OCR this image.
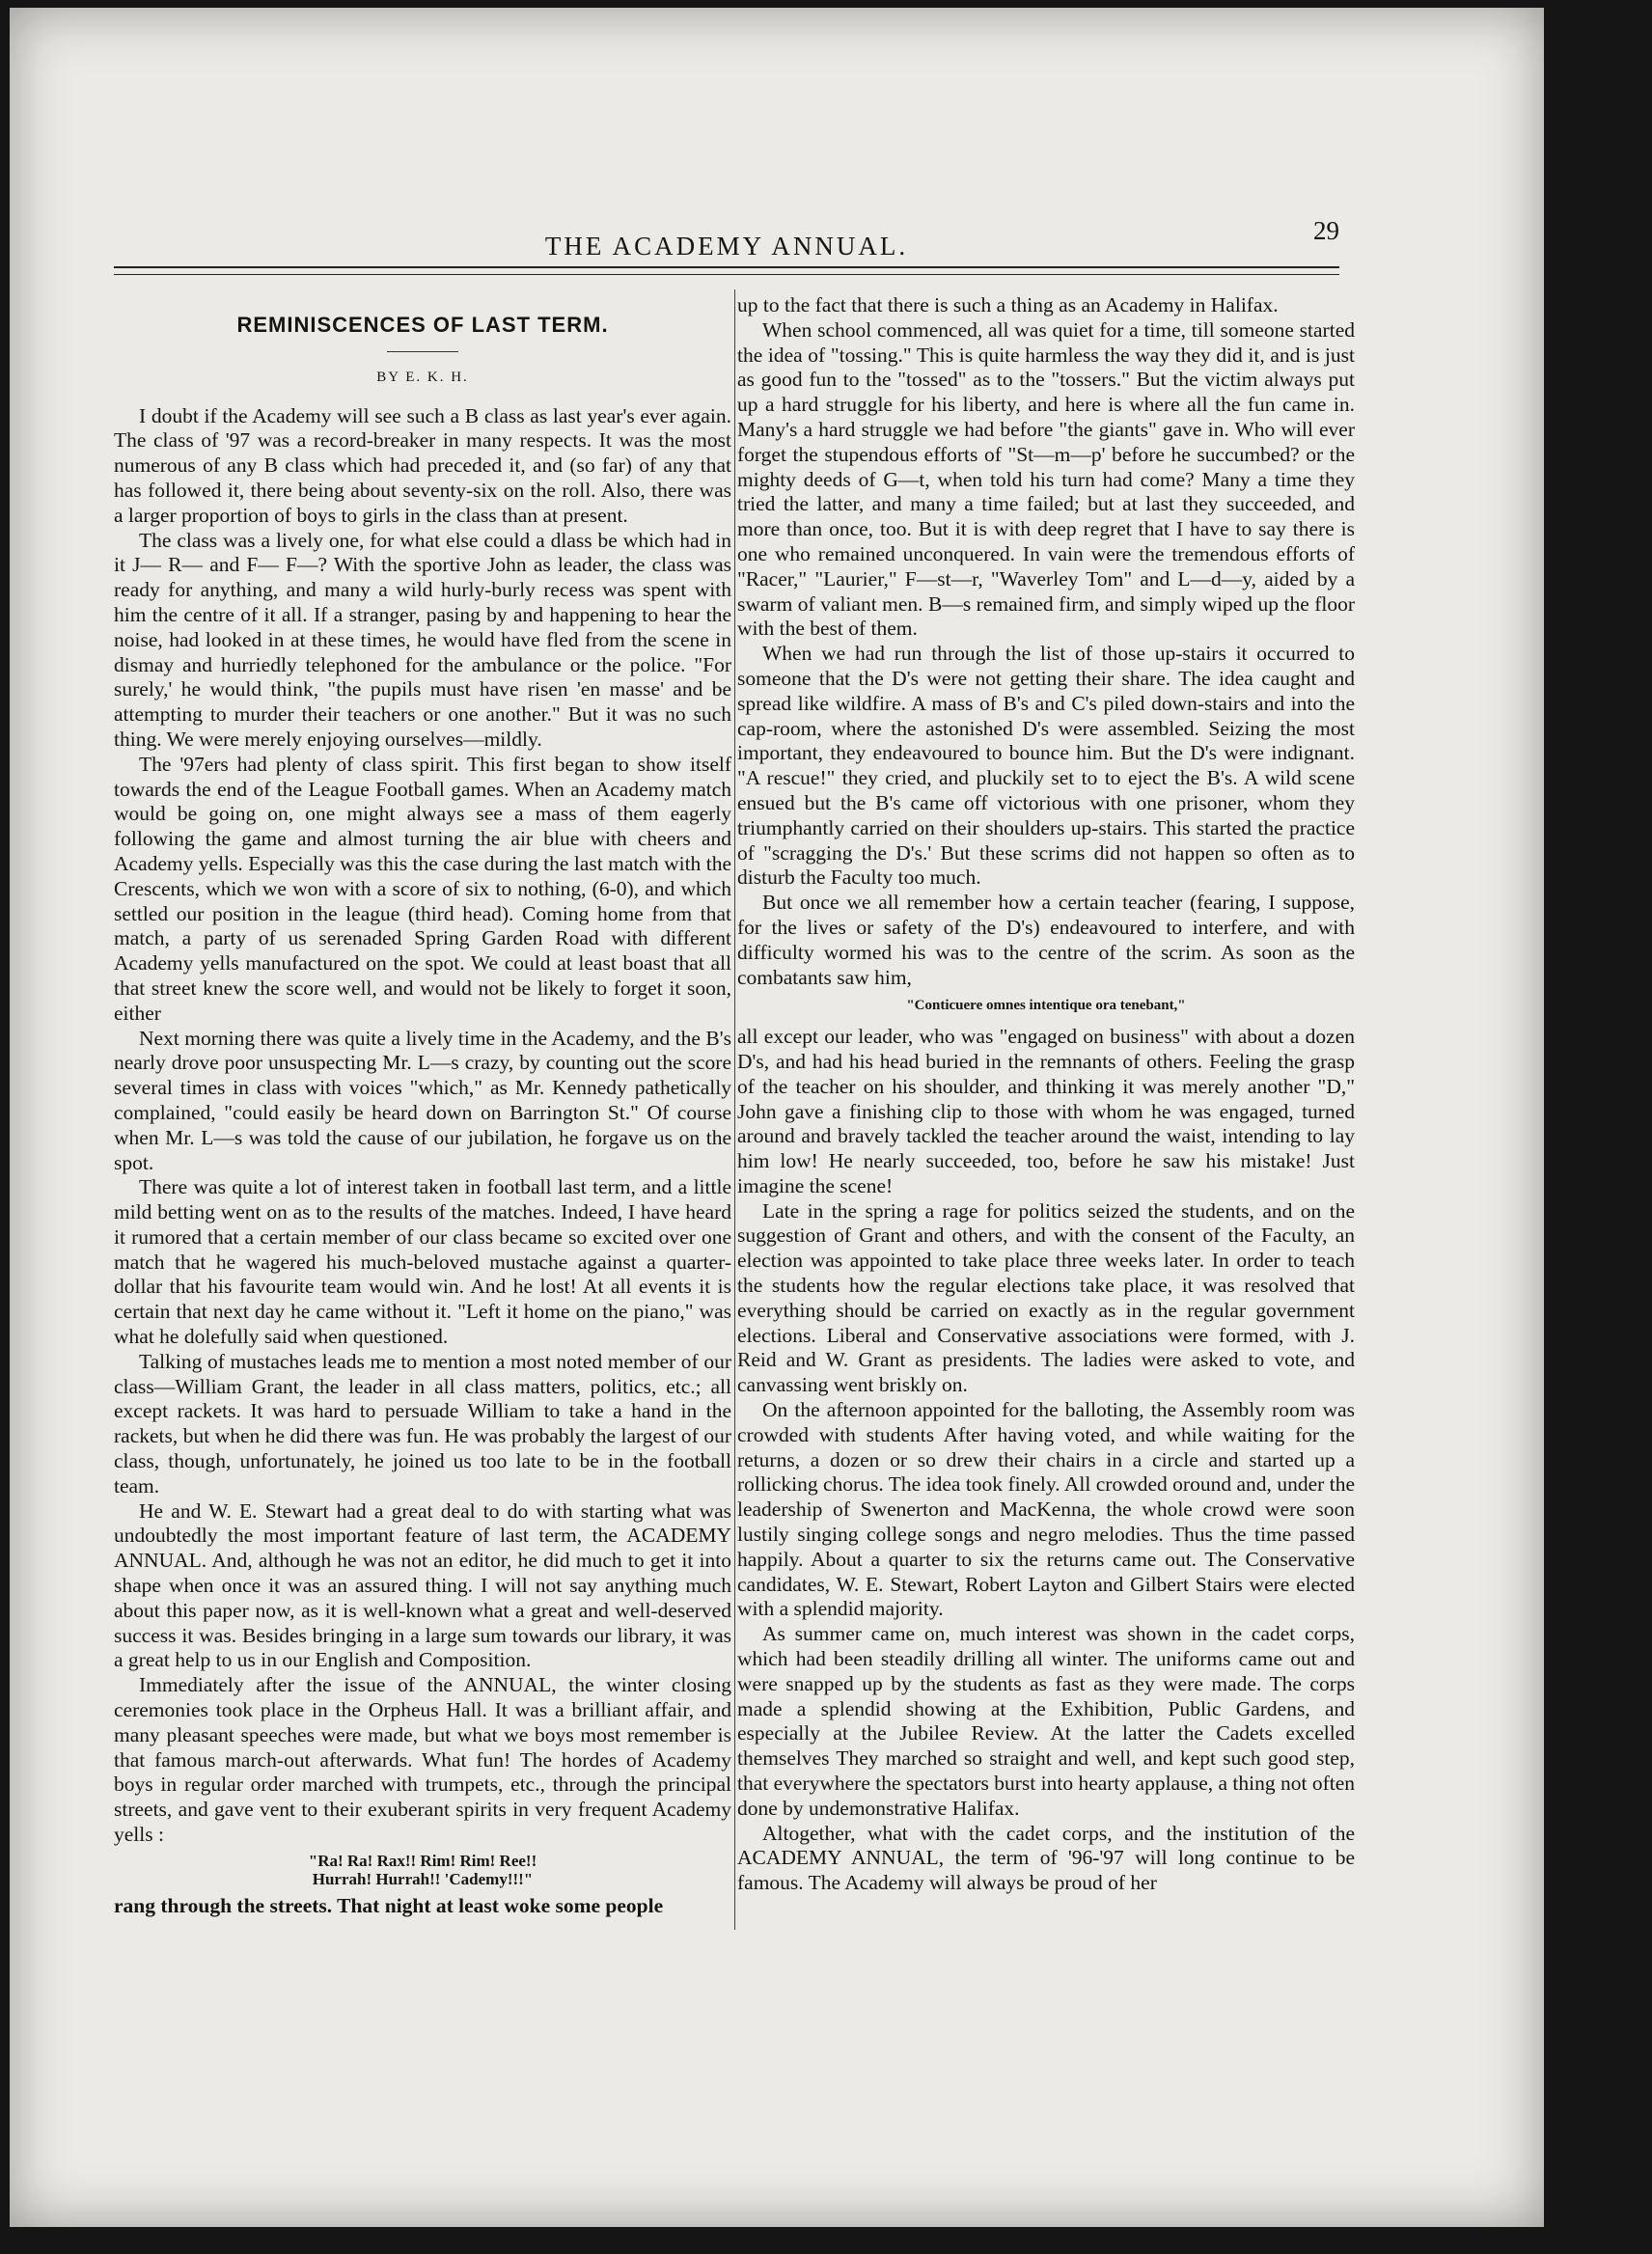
THE ACADEMY ANNUAL.
29
REMINISCENCES OF LAST TERM.
BY E. K. H.

I doubt if the Academy will see such a B class as last year's ever again. The class of '97 was a record-breaker in many respects. It was the most numerous of any B class which had preceded it, and (so far) of any that has followed it, there being about seventy-six on the roll. Also, there was a larger proportion of boys to girls in the class than at present.

The class was a lively one, for what else could a dlass be which had in it J— R— and F— F—? With the sportive John as leader, the class was ready for anything, and many a wild hurly-burly recess was spent with him the centre of it all. If a stranger, pasing by and happening to hear the noise, had looked in at these times, he would have fled from the scene in dismay and hurriedly telephoned for the ambulance or the police. "For surely,' he would think, "the pupils must have risen 'en masse' and be attempting to murder their teachers or one another." But it was no such thing. We were merely enjoying ourselves—mildly.

The '97ers had plenty of class spirit. This first began to show itself towards the end of the League Football games. When an Academy match would be going on, one might always see a mass of them eagerly following the game and almost turning the air blue with cheers and Academy yells. Especially was this the case during the last match with the Crescents, which we won with a score of six to nothing, (6-0), and which settled our position in the league (third head). Coming home from that match, a party of us serenaded Spring Garden Road with different Academy yells manufactured on the spot. We could at least boast that all that street knew the score well, and would not be likely to forget it soon, either

Next morning there was quite a lively time in the Academy, and the B's nearly drove poor unsuspecting Mr. L—s crazy, by counting out the score several times in class with voices "which," as Mr. Kennedy pathetically complained, "could easily be heard down on Barrington St." Of course when Mr. L—s was told the cause of our jubilation, he forgave us on the spot.

There was quite a lot of interest taken in football last term, and a little mild betting went on as to the results of the matches. Indeed, I have heard it rumored that a certain member of our class became so excited over one match that he wagered his much-beloved mustache against a quarter-dollar that his favourite team would win. And he lost! At all events it is certain that next day he came without it. "Left it home on the piano," was what he dolefully said when questioned.

Talking of mustaches leads me to mention a most noted member of our class—William Grant, the leader in all class matters, politics, etc.; all except rackets. It was hard to persuade William to take a hand in the rackets, but when he did there was fun. He was probably the largest of our class, though, unfortunately, he joined us too late to be in the football team.

He and W. E. Stewart had a great deal to do with starting what was undoubtedly the most important feature of last term, the ACADEMY ANNUAL. And, although he was not an editor, he did much to get it into shape when once it was an assured thing. I will not say anything much about this paper now, as it is well-known what a great and well-deserved success it was. Besides bringing in a large sum towards our library, it was a great help to us in our English and Composition.

Immediately after the issue of the ANNUAL, the winter closing ceremonies took place in the Orpheus Hall. It was a brilliant affair, and many pleasant speeches were made, but what we boys most remember is that famous march-out afterwards. What fun! The hordes of Academy boys in regular order marched with trumpets, etc., through the principal streets, and gave vent to their exuberant spirits in very frequent Academy yells :

"Ra! Ra! Rax!! Rim! Rim! Ree!!
Hurrah! Hurrah!! 'Cademy!!!"

rang through the streets. That night at least woke some people

up to the fact that there is such a thing as an Academy in Halifax.

When school commenced, all was quiet for a time, till someone started the idea of "tossing." This is quite harmless the way they did it, and is just as good fun to the "tossed" as to the "tossers." But the victim always put up a hard struggle for his liberty, and here is where all the fun came in. Many's a hard struggle we had before "the giants" gave in. Who will ever forget the stupendous efforts of "St—m—p' before he succumbed? or the mighty deeds of G—t, when told his turn had come? Many a time they tried the latter, and many a time failed; but at last they succeeded, and more than once, too. But it is with deep regret that I have to say there is one who remained unconquered. In vain were the tremendous efforts of "Racer," "Laurier," F—st—r, "Waverley Tom" and L—d—y, aided by a swarm of valiant men. B—s remained firm, and simply wiped up the floor with the best of them.

When we had run through the list of those up-stairs it occurred to someone that the D's were not getting their share. The idea caught and spread like wildfire. A mass of B's and C's piled down-stairs and into the cap-room, where the astonished D's were assembled. Seizing the most important, they endeavoured to bounce him. But the D's were indignant. "A rescue!" they cried, and pluckily set to to eject the B's. A wild scene ensued but the B's came off victorious with one prisoner, whom they triumphantly carried on their shoulders up-stairs. This started the practice of "scragging the D's.' But these scrims did not happen so often as to disturb the Faculty too much.

But once we all remember how a certain teacher (fearing, I suppose, for the lives or safety of the D's) endeavoured to interfere, and with difficulty wormed his was to the centre of the scrim. As soon as the combatants saw him,

"Conticuere omnes intentique ora tenebant,"

all except our leader, who was "engaged on business" with about a dozen D's, and had his head buried in the remnants of others. Feeling the grasp of the teacher on his shoulder, and thinking it was merely another "D," John gave a finishing clip to those with whom he was engaged, turned around and bravely tackled the teacher around the waist, intending to lay him low! He nearly succeeded, too, before he saw his mistake! Just imagine the scene!

Late in the spring a rage for politics seized the students, and on the suggestion of Grant and others, and with the consent of the Faculty, an election was appointed to take place three weeks later. In order to teach the students how the regular elections take place, it was resolved that everything should be carried on exactly as in the regular government elections. Liberal and Conservative associations were formed, with J. Reid and W. Grant as presidents. The ladies were asked to vote, and canvassing went briskly on.

On the afternoon appointed for the balloting, the Assembly room was crowded with students After having voted, and while waiting for the returns, a dozen or so drew their chairs in a circle and started up a rollicking chorus. The idea took finely. All crowded oround and, under the leadership of Swenerton and MacKenna, the whole crowd were soon lustily singing college songs and negro melodies. Thus the time passed happily. About a quarter to six the returns came out. The Conservative candidates, W. E. Stewart, Robert Layton and Gilbert Stairs were elected with a splendid majority.

As summer came on, much interest was shown in the cadet corps, which had been steadily drilling all winter. The uniforms came out and were snapped up by the students as fast as they were made. The corps made a splendid showing at the Exhibition, Public Gardens, and especially at the Jubilee Review. At the latter the Cadets excelled themselves They marched so straight and well, and kept such good step, that everywhere the spectators burst into hearty applause, a thing not often done by undemonstrative Halifax.

Altogether, what with the cadet corps, and the institution of the ACADEMY ANNUAL, the term of '96-'97 will long continue to be famous. The Academy will always be proud of her
